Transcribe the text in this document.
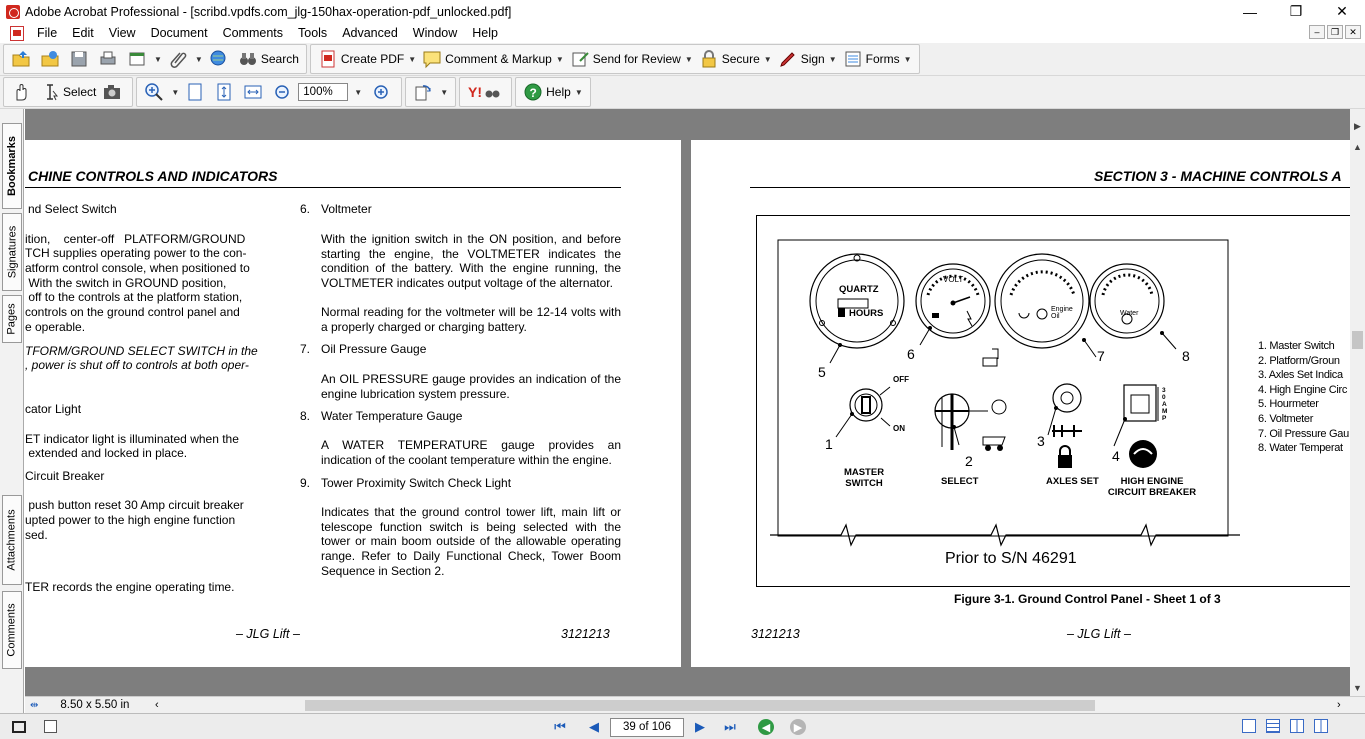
Adobe Acrobat Professional - [scribd.vpdfs.com_jlg-150hax-operation-pdf_unlocked.pdf]	—	❐	✕
File	Edit	View	Document	Comments	Tools	Advanced	Window	Help	–	❐	✕
▼	▼	Search	Create PDF ▼ Comment & Markup ▼ Send for Review ▼ Secure ▼ Sign ▼ Forms ▼
Select	▼	100%	▼	▼ Y!	? Help ▼
Bookmarks
Signatures
Pages
Attachments
Comments
CHINE CONTROLS AND INDICATORS
nd Select Switch
ition,    center-off   PLATFORM/GROUND
TCH supplies operating power to the con-
atform control console, when positioned to
With the switch in GROUND position,
off to the controls at the platform station,
controls on the ground control panel and
e operable.
TFORM/GROUND SELECT SWITCH in the
, power is shut off to controls at both oper-
cator Light
ET indicator light is illuminated when the
extended and locked in place.
Circuit Breaker
push button reset 30 Amp circuit breaker
upted power to the high engine function
sed.
TER records the engine operating time.
6. Voltmeter
With the ignition switch in the ON position, and before starting the engine, the VOLTMETER indicates the condition of the battery. With the engine running, the VOLTMETER indicates output voltage of the alternator.
Normal reading for the voltmeter will be 12-14 volts with a properly charged or charging battery.
7. Oil Pressure Gauge
An OIL PRESSURE gauge provides an indication of the engine lubrication system pressure.
8. Water Temperature Gauge
A WATER TEMPERATURE gauge provides an indication of the coolant temperature within the engine.
9. Tower Proximity Switch Check Light
Indicates that the ground control tower lift, main lift or telescope function switch is being selected with the tower or main boom outside of the allowable operating range. Refer to Daily Functional Check, Tower Boom Sequence in Section 2.
– JLG Lift –	3121213
SECTION 3 - MACHINE CONTROLS A
QUARTZ
HOURS
VOLT
Engine Oil	Water
5
6	7	8
1
2
3
4
OFF
ON
30 AMP
MASTER SWITCH	SELECT	AXLES SET	HIGH ENGINE CIRCUIT BREAKER
Prior to S/N 46291
Figure 3-1. Ground Control Panel - Sheet 1 of 3
1. Master Switch
2. Platform/Groun
3. Axles Set Indica
4. High Engine Circ
5. Hourmeter
6. Voltmeter
7. Oil Pressure Gau
8. Water Temperat
3121213	– JLG Lift –
▶
▲
▼
⇹ 8.50 x 5.50 in ‹	›
⏮	◀	39 of 106	▶	⏭	◀	▶
